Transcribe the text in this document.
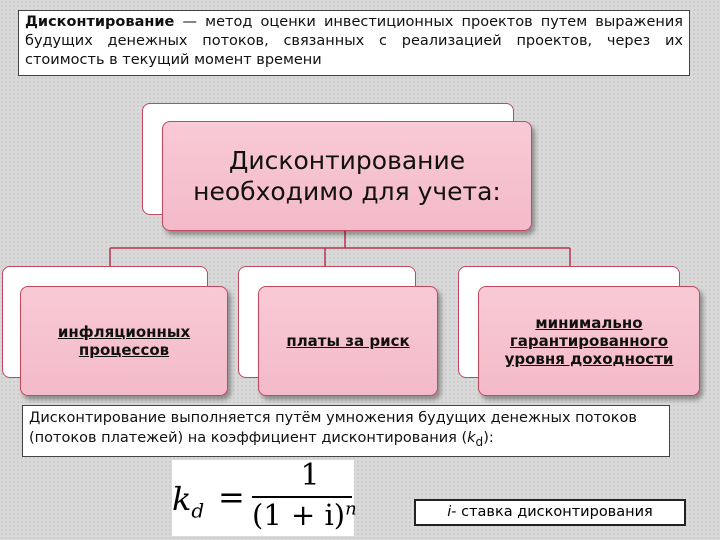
Дисконтирование — метод оценки инвестиционных проектов путем выражения будущих денежных потоков, связанных с реализацией проектов, через их стоимость в текущий момент времени
Дисконтирование
необходимо для учета:
инфляционных
процессов	платы за риск
минимально
гарантированного
уровня доходности
Дисконтирование выполняется путём умножения будущих денежных потоков (потоков платежей) на коэффициент дисконтирования $(k_d)$:
$k_d$ =
1
$(1 + i)^n$	i- ставка дисконтирования
